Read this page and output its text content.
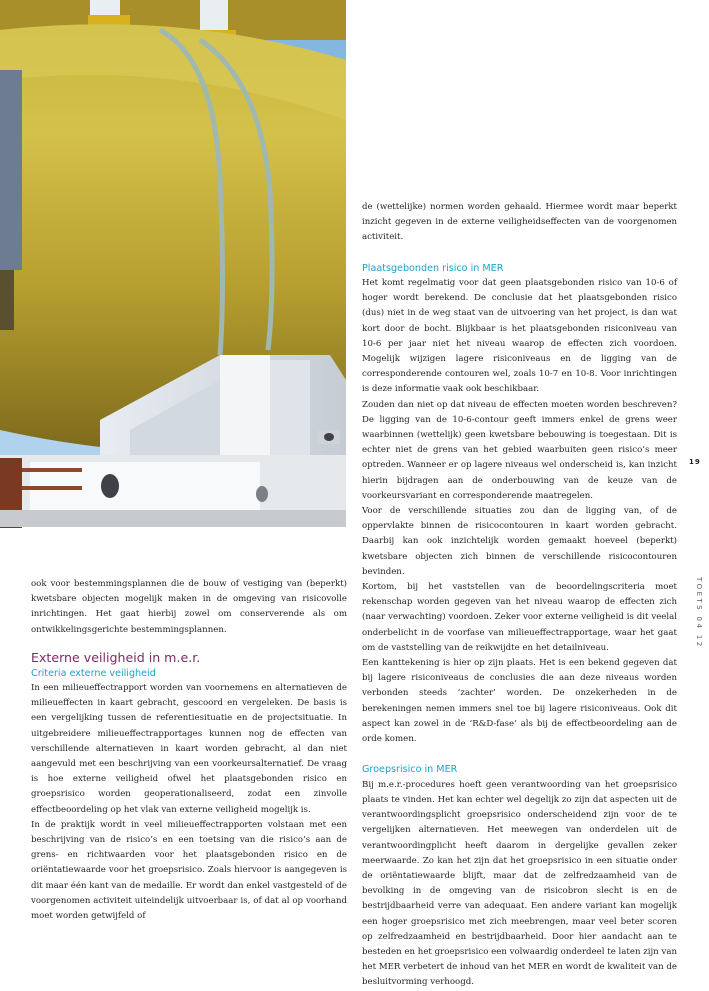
ook voor bestemmingsplannen die de bouw of vestiging van (beperkt) kwetsbare objecten mogelijk maken in de omgeving van risicovolle inrichtingen. Het gaat hierbij zowel om conserverende als om ontwikkelingsgerichte bestemmingsplannen.

Externe veiligheid in m.e.r.
Criteria externe veiligheid

In een milieueffectrapport worden van voornemens en alternatieven de milieueffecten in kaart gebracht, gescoord en vergeleken. De basis is een vergelijking tussen de referentiesituatie en de projectsituatie. In uitgebreidere milieueffectrapportages kunnen nog de effecten van verschillende alternatieven in kaart worden gebracht, al dan niet aangevuld met een beschrijving van een voorkeursalternatief. De vraag is hoe externe veiligheid ofwel het plaatsgebonden risico en groepsrisico worden geoperationaliseerd, zodat een zinvolle effectbeoordeling op het vlak van externe veiligheid mogelijk is.

In de praktijk wordt in veel milieueffectrapporten volstaan met een beschrijving van de risico’s en een toetsing van die risico’s aan de grens- en richtwaarden voor het plaatsgebonden risico en de oriëntatiewaarde voor het groepsrisico. Zoals hiervoor is aangegeven is dit maar één kant van de medaille. Er wordt dan enkel vastgesteld of de voorgenomen activiteit uiteindelijk uitvoerbaar is, of dat al op voorhand moet worden getwijfeld of

de (wettelijke) normen worden gehaald. Hiermee wordt maar beperkt inzicht gegeven in de externe veiligheidseffecten van de voorgenomen activiteit.

Plaatsgebonden risico in MER

Het komt regelmatig voor dat geen plaatsgebonden risico van 10-6 of hoger wordt berekend. De conclusie dat het plaatsgebonden risico (dus) niet in de weg staat van de uitvoering van het project, is dan wat kort door de bocht. Blijkbaar is het plaatsgebonden risiconiveau van 10-6 per jaar niet het niveau waarop de effecten zich voordoen. Mogelijk wijzigen lagere risiconiveaus en de ligging van de corresponderende contouren wel, zoals 10-7 en 10-8. Voor inrichtingen is deze informatie vaak ook beschikbaar.

Zouden dan niet op dat niveau de effecten moeten worden beschreven? De ligging van de 10-6-contour geeft immers enkel de grens weer waarbinnen (wettelijk) geen kwetsbare bebouwing is toegestaan. Dit is echter niet de grens van het gebied waarbuiten geen risico’s meer optreden. Wanneer er op lagere niveaus wel onderscheid is, kan inzicht hierin bijdragen aan de onderbouwing van de keuze van de voorkeursvariant en corresponderende maatregelen.

Voor de verschillende situaties zou dan de ligging van, of de oppervlakte binnen de risicocontouren in kaart worden gebracht. Daarbij kan ook inzichtelijk worden gemaakt hoeveel (beperkt) kwetsbare objecten zich binnen de verschillende risicocontouren bevinden.

Kortom, bij het vaststellen van de beoordelingscriteria moet rekenschap worden gegeven van het niveau waarop de effecten zich (naar verwachting) voordoen. Zeker voor externe veiligheid is dit veelal onderbelicht in de voorfase van milieueffectrapportage, waar het gaat om de vaststelling van de reikwijdte en het detailniveau.

Een kanttekening is hier op zijn plaats. Het is een bekend gegeven dat bij lagere risiconiveaus de conclusies die aan deze niveaus worden verbonden steeds ‘zachter’ worden. De onzekerheden in de berekeningen nemen immers snel toe bij lagere risiconiveaus. Ook dit aspect kan zowel in de ‘R&D-fase’ als bij de effectbeoordeling aan de orde komen.

Groepsrisico in MER

Bij m.e.r.-procedures hoeft geen verantwoording van het groepsrisico plaats te vinden. Het kan echter wel degelijk zo zijn dat aspecten uit de verantwoordingsplicht groepsrisico onderscheidend zijn voor de te vergelijken alternatieven. Het meewegen van onderdelen uit de verantwoordingplicht heeft daarom in dergelijke gevallen zeker meerwaarde. Zo kan het zijn dat het groepsrisico in een situatie onder de oriëntatiewaarde blijft, maar dat de zelfredzaamheid van de bevolking in de omgeving van de risicobron slecht is en de bestrijdbaarheid verre van adequaat. Een andere variant kan mogelijk een hoger groepsrisico met zich meebrengen, maar veel beter scoren op zelfredzaamheid en bestrijdbaarheid. Door hier aandacht aan te besteden en het groepsrisico een volwaardig onderdeel te laten zijn van het MER verbetert de inhoud van het MER en wordt de kwaliteit van de besluitvorming verhoogd.

19
TOETS 04 12
